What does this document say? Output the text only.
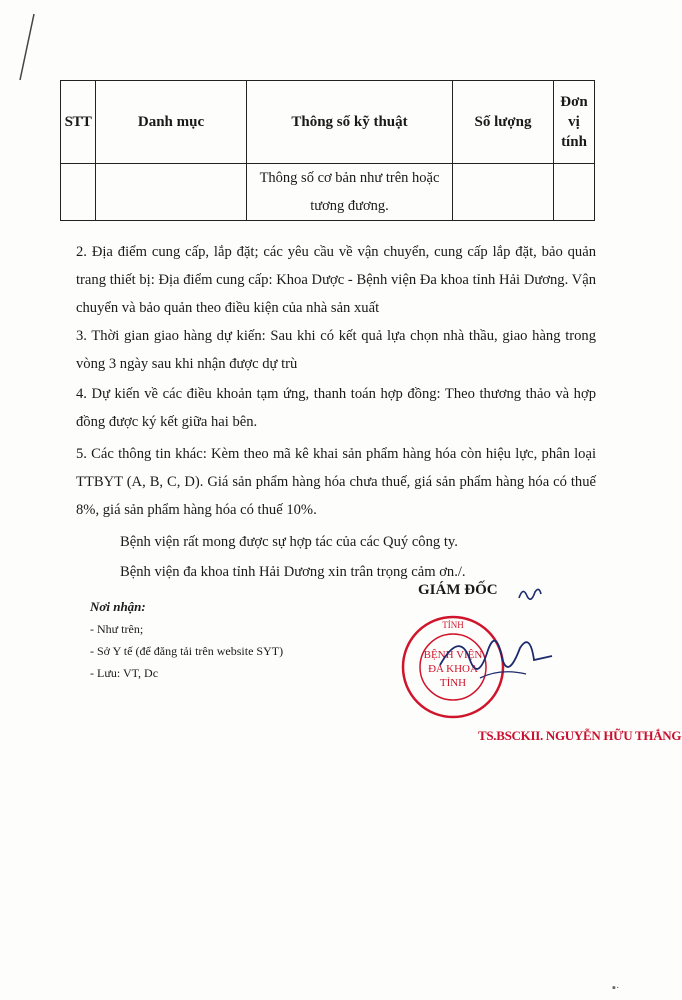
STT	Danh mục	Thông số kỹ thuật	Số lượng	Đơn
vị
tính
		Thông số cơ bản như trên hoặc
tương đương.		
2. Địa điểm cung cấp, lắp đặt; các yêu cầu về vận chuyển, cung cấp lắp đặt, bảo quản trang thiết bị: Địa điểm cung cấp: Khoa Dược - Bệnh viện Đa khoa tỉnh Hải Dương. Vận chuyển và bảo quản theo điều kiện của nhà sản xuất
3. Thời gian giao hàng dự kiến: Sau khi có kết quả lựa chọn nhà thầu, giao hàng trong vòng 3 ngày sau khi nhận được dự trù
4. Dự kiến về các điều khoản tạm ứng, thanh toán hợp đồng: Theo thương thảo và hợp đồng được ký kết giữa hai bên.
5. Các thông tin khác: Kèm theo mã kê khai sản phẩm hàng hóa còn hiệu lực, phân loại TTBYT (A, B, C, D). Giá sản phẩm hàng hóa chưa thuế, giá sản phẩm hàng hóa có thuế 8%, giá sản phẩm hàng hóa có thuế 10%.
Bệnh viện rất mong được sự hợp tác của các Quý công ty.
Bệnh viện đa khoa tỉnh Hải Dương xin trân trọng cảm ơn./.
Nơi nhận:
- Như trên;
- Sở Y tế (để đăng tải trên website SYT)
- Lưu: VT, Dc
GIÁM ĐỐC
TỈNH
BỆNH VIỆN
ĐA KHOA
TỈNH
TS.BSCKII. NGUYỄN HỮU THẮNG
▪·
